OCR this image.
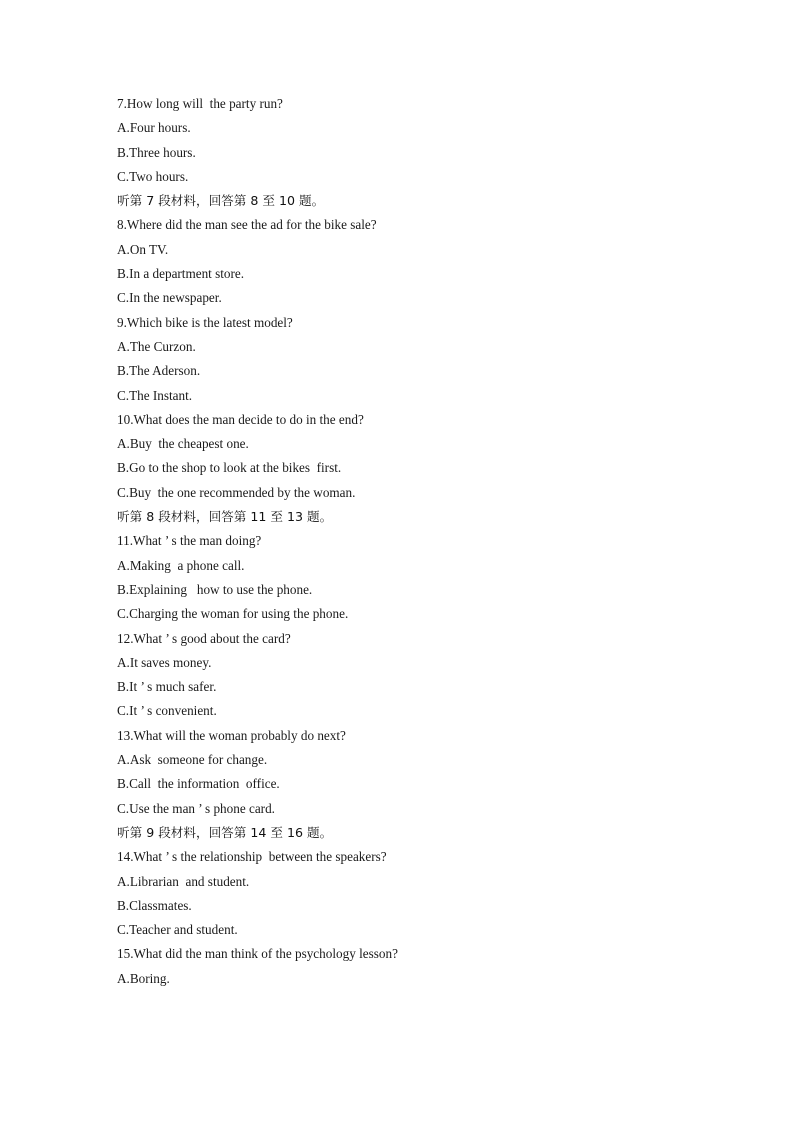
7.How long will  the party run?
A.Four hours.
B.Three hours.
C.Two hours.
听第 7 段材料，回答第 8 至 10 题。
8.Where did the man see the ad for the bike sale?
A.On TV.
B.In a department store.
C.In the newspaper.
9.Which bike is the latest model?
A.The Curzon.
B.The Aderson.
C.The Instant.
10.What does the man decide to do in the end?
A.Buy  the cheapest one.
B.Go to the shop to look at the bikes  first.
C.Buy  the one recommended by the woman.
听第 8 段材料，回答第 11 至 13 题。
11.What ’ s the man doing?
A.Making  a phone call.
B.Explaining   how to use the phone.
C.Charging the woman for using the phone.
12.What ’ s good about the card?
A.It saves money.
B.It ’ s much safer.
C.It ’ s convenient.
13.What will the woman probably do next?
A.Ask  someone for change.
B.Call  the information  office.
C.Use the man ’ s phone card.
听第 9 段材料，回答第 14 至 16 题。
14.What ’ s the relationship  between the speakers?
A.Librarian  and student.
B.Classmates.
C.Teacher and student.
15.What did the man think of the psychology lesson?
A.Boring.
